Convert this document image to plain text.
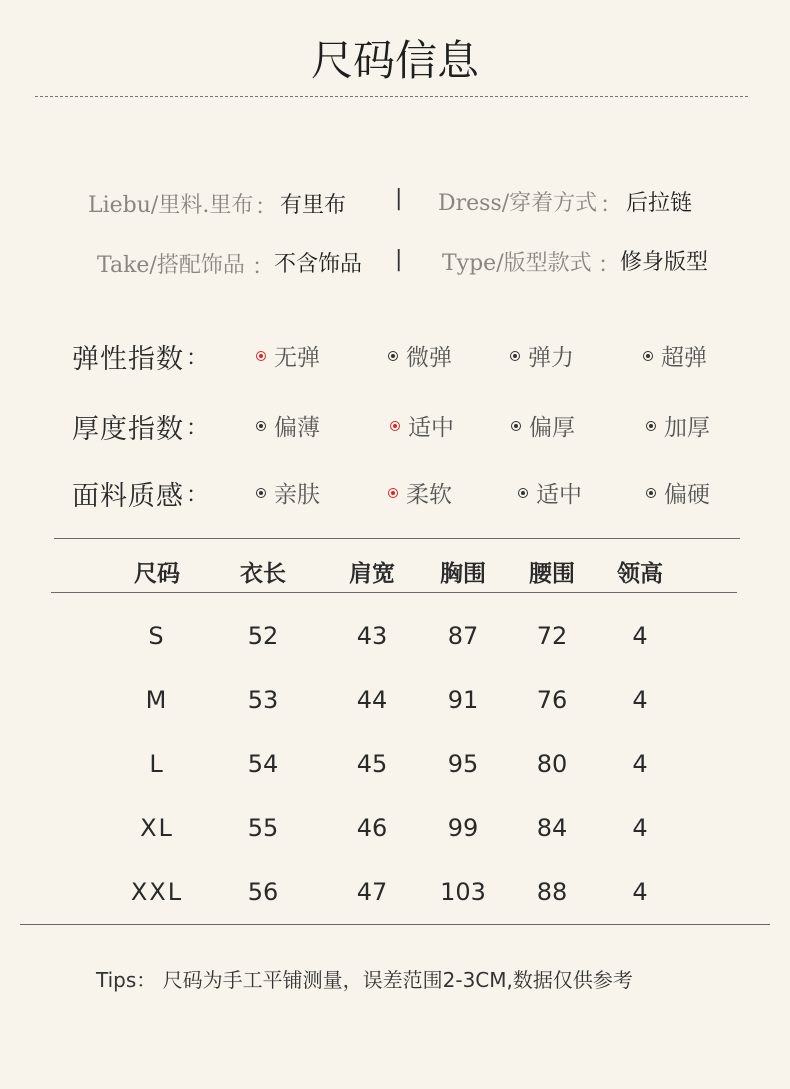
尺码信息
Liebu/里料.里布 ： 有里布 | Dress/穿着方式 ： 后拉链
Take/搭配饰品 ： 不含饰品 | Type/版型款式 ： 修身版型
弹性指数 ：	无弹	微弹	弹力	超弹
厚度指数 ：	偏薄	适中	偏厚	加厚
面料质感 ：	亲肤	柔软	适中	偏硬
尺码	衣长	肩宽	胸围	腰围	领高
S	52	43	87	72	4
M	53	44	91	76	4
L	54	45	95	80	4
XL	55	46	99	84	4
XXL	56	47	103	88	4
Tips： 尺码为手工平铺测量，误差范围2-3CM,数据仅供参考
